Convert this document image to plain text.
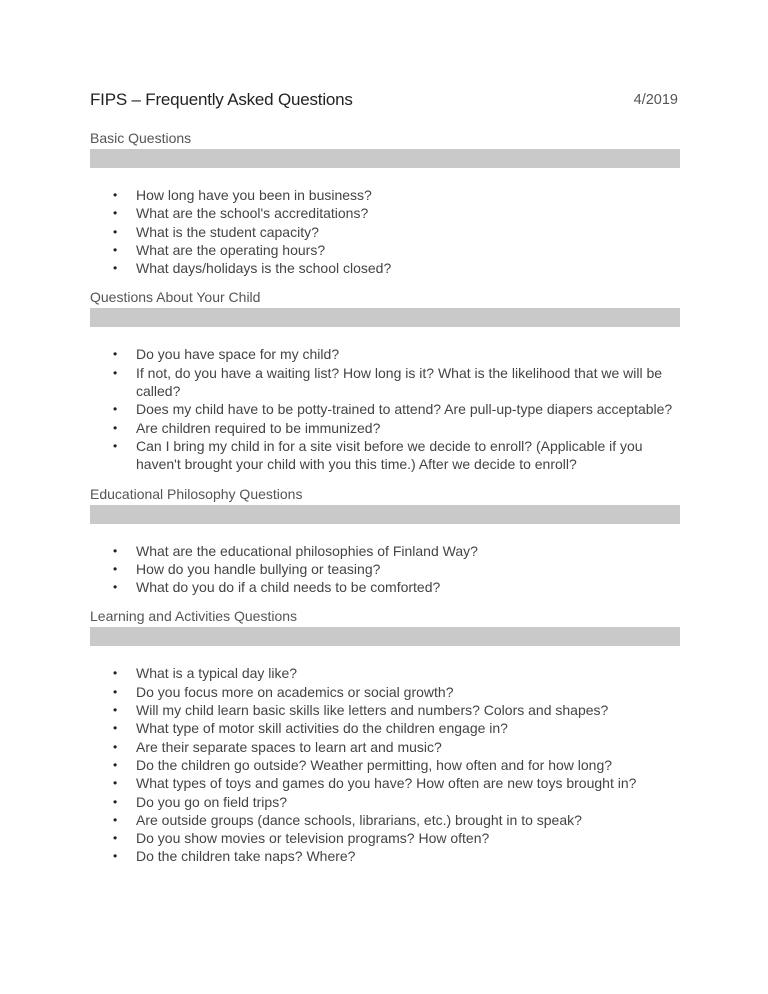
FIPS – Frequently Asked Questions	4/2019
Basic Questions
• How long have you been in business?
• What are the school's accreditations?
• What is the student capacity?
• What are the operating hours?
• What days/holidays is the school closed?
Questions About Your Child
• Do you have space for my child?
• If not, do you have a waiting list? How long is it? What is the likelihood that we will be called?
• Does my child have to be potty-trained to attend? Are pull-up-type diapers acceptable?
• Are children required to be immunized?
• Can I bring my child in for a site visit before we decide to enroll? (Applicable if you haven't brought your child with you this time.) After we decide to enroll?
Educational Philosophy Questions
• What are the educational philosophies of Finland Way?
• How do you handle bullying or teasing?
• What do you do if a child needs to be comforted?
Learning and Activities Questions
• What is a typical day like?
• Do you focus more on academics or social growth?
• Will my child learn basic skills like letters and numbers? Colors and shapes?
• What type of motor skill activities do the children engage in?
• Are their separate spaces to learn art and music?
• Do the children go outside? Weather permitting, how often and for how long?
• What types of toys and games do you have? How often are new toys brought in?
• Do you go on field trips?
• Are outside groups (dance schools, librarians, etc.) brought in to speak?
• Do you show movies or television programs? How often?
• Do the children take naps? Where?
